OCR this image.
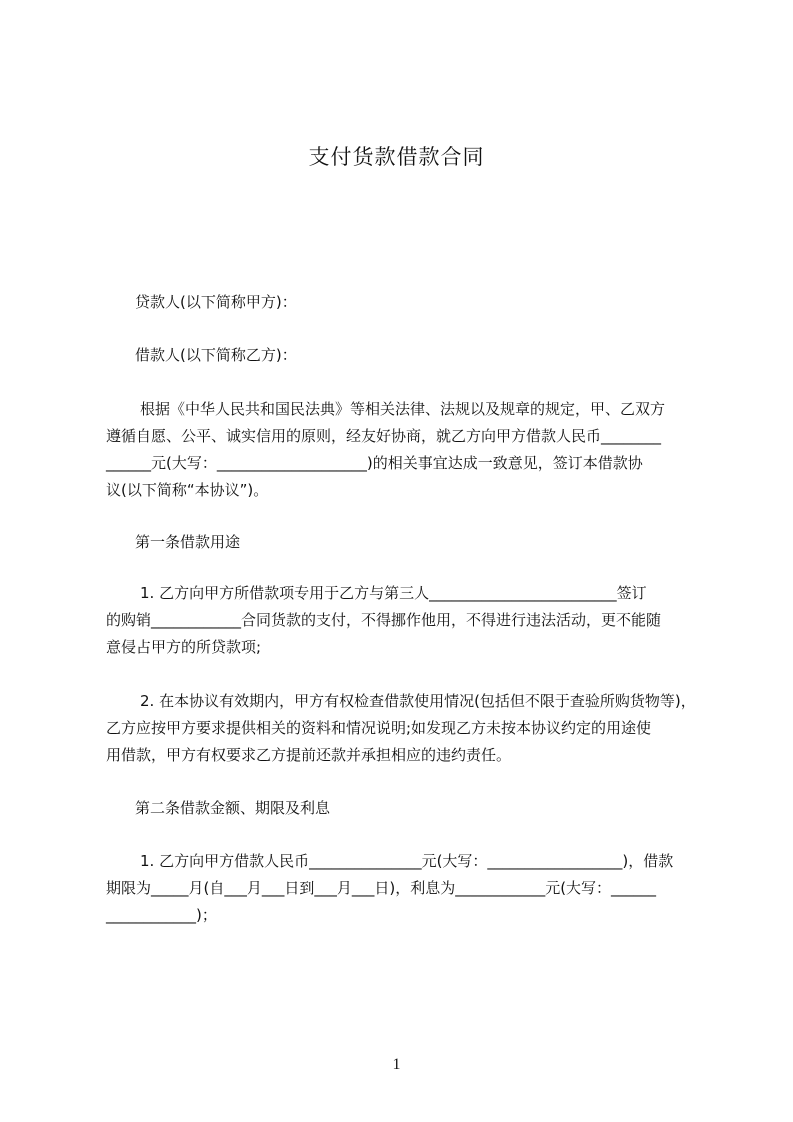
支付货款借款合同
贷款人(以下简称甲方)：
借款人(以下简称乙方)：
根据《中华人民共和国民法典》等相关法律、法规以及规章的规定，甲、乙双方
遵循自愿、公平、诚实信用的原则，经友好协商，就乙方向甲方借款人民币________
______元(大写：____________________)的相关事宜达成一致意见，签订本借款协
议(以下简称“本协议”)。
第一条借款用途
1. 乙方向甲方所借款项专用于乙方与第三人_________________________签订
的购销____________合同货款的支付，不得挪作他用，不得进行违法活动，更不能随
意侵占甲方的所贷款项;
2. 在本协议有效期内，甲方有权检查借款使用情况(包括但不限于查验所购货物等)，
乙方应按甲方要求提供相关的资料和情况说明;如发现乙方未按本协议约定的用途使
用借款，甲方有权要求乙方提前还款并承担相应的违约责任。
第二条借款金额、期限及利息
1. 乙方向甲方借款人民币_______________元(大写：__________________)，借款
期限为_____月(自___月___日到___月___日)，利息为____________元(大写：______
____________)；
1
